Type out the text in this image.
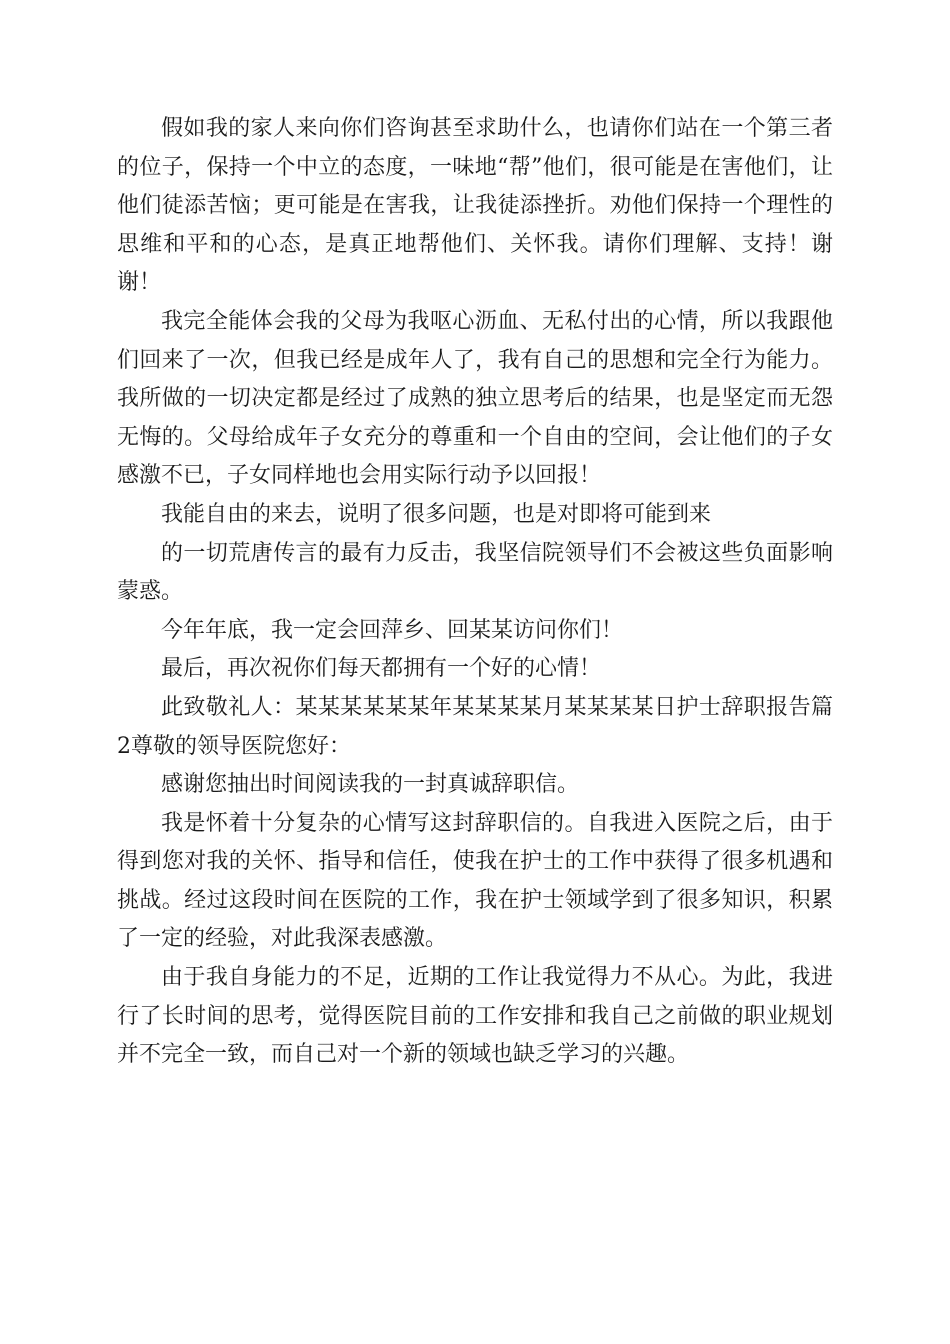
假如我的家人来向你们咨询甚至求助什么，也请你们站在一个第三者的位子，保持一个中立的态度，一味地“帮”他们，很可能是在害他们，让他们徒添苦恼；更可能是在害我，让我徒添挫折。劝他们保持一个理性的思维和平和的心态，是真正地帮他们、关怀我。请你们理解、支持！谢谢！

我完全能体会我的父母为我呕心沥血、无私付出的心情，所以我跟他们回来了一次，但我已经是成年人了，我有自己的思想和完全行为能力。我所做的一切决定都是经过了成熟的独立思考后的结果，也是坚定而无怨无悔的。父母给成年子女充分的尊重和一个自由的空间，会让他们的子女感激不已，子女同样地也会用实际行动予以回报！

我能自由的来去，说明了很多问题，也是对即将可能到来

的一切荒唐传言的最有力反击，我坚信院领导们不会被这些负面影响蒙惑。

今年年底，我一定会回萍乡、回某某访问你们！

最后，再次祝你们每天都拥有一个好的心情！

此致敬礼人：某某某某某某年某某某某月某某某某日护士辞职报告篇2尊敬的领导医院您好：

感谢您抽出时间阅读我的一封真诚辞职信。

我是怀着十分复杂的心情写这封辞职信的。自我进入医院之后，由于得到您对我的关怀、指导和信任，使我在护士的工作中获得了很多机遇和挑战。经过这段时间在医院的工作，我在护士领域学到了很多知识，积累了一定的经验，对此我深表感激。

由于我自身能力的不足，近期的工作让我觉得力不从心。为此，我进行了长时间的思考，觉得医院目前的工作安排和我自己之前做的职业规划并不完全一致，而自己对一个新的领域也缺乏学习的兴趣。
